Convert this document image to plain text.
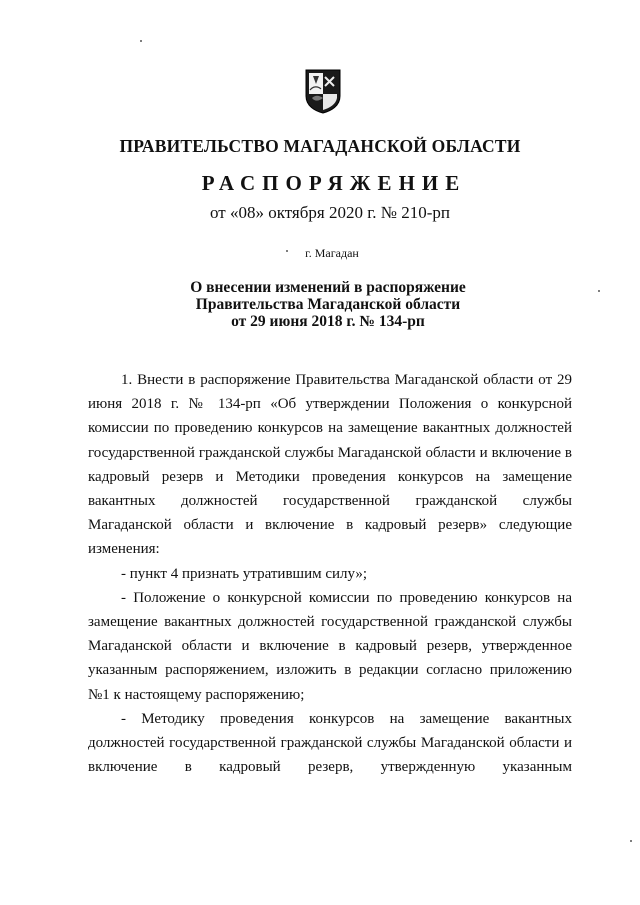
ПРАВИТЕЛЬСТВО МАГАДАНСКОЙ ОБЛАСТИ
РАСПОРЯЖЕНИЕ
от «08» октября 2020 г. № 210-рп
г. Магадан
О внесении изменений в распоряжение
Правительства Магаданской области
от 29 июня 2018 г. № 134-рп

1. Внести в распоряжение Правительства Магаданской области от 29 июня 2018 г. № 134-рп «Об утверждении Положения о конкурсной комиссии по проведению конкурсов на замещение вакантных должностей государственной гражданской службы Магаданской области и включение в кадровый резерв и Методики проведения конкурсов на замещение вакантных должностей государственной гражданской службы Магаданской области и включение в кадровый резерв» следующие изменения:

- пункт 4 признать утратившим силу»;

- Положение о конкурсной комиссии по проведению конкурсов на замещение вакантных должностей государственной гражданской службы Магаданской области и включение в кадровый резерв, утвержденное указанным распоряжением, изложить в редакции согласно приложению №1 к настоящему распоряжению;

- Методику проведения конкурсов на замещение вакантных должностей государственной гражданской службы Магаданской области и включение в кадровый резерв, утвержденную указанным
